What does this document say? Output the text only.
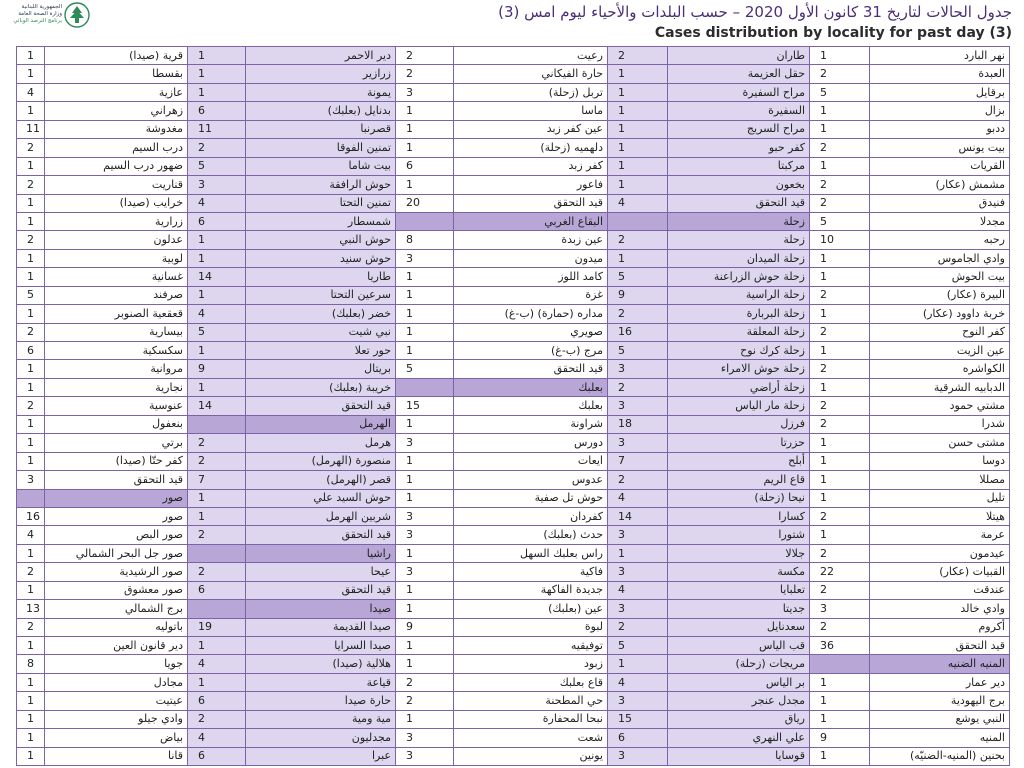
الجمهورية اللبنانية
وزارة الصحة العامة
برنامج الترصد الوبائي	جدول الحالات لتاريخ 31 كانون الأول 2020 – حسب البلدات والأحياء ليوم امس (3)
Cases distribution by locality for past day (3)
نهر البارد	1	طاران	2	رعيت	2	دير الاحمر	1	قرية (صيدا)	1
العبدة	2	حقل العزيمة	1	حارة الفيكاني	2	زرازير	1	بقسطا	1
برقايل	5	مراح السفيرة	1	تربل (زحلة)	3	يمونة	1	عازية	4
بزال	1	السفيرة	1	ماسا	1	بدنايل (بعلبك)	6	زهراني	1
ددبو	1	مراح السريج	1	عين كفر زبد	1	قصرنبا	11	مغدوشة	11
بيت يونس	2	كفر حبو	1	دلهميه (زحلة)	1	تمنين الفوقا	2	درب السيم	2
القريات	1	مركبتا	1	كفر زبد	6	بيت شاما	5	ضهور درب السيم	1
مشمش (عكار)	2	بخعون	1	فاعور	1	حوش الرافقة	3	قناريت	2
فنيدق	2	قيد التحقق	4	قيد التحقق	20	تمنين التحتا	4	خرايب (صيدا)	1
مجدلا	5	زحلة		البقاع الغربي		شمسطار	6	زرارية	1
رحبه	10	زحلة	2	عين زبدة	8	حوش النبي	1	عدلون	2
وادي الجاموس	1	زحلة الميدان	1	ميدون	3	حوش سنيد	1	لوبية	1
بيت الحوش	1	زحلة حوش الزراعنة	5	كامد اللوز	1	طاريا	14	غسانية	1
البيرة (عكار)	2	زحلة الراسية	9	غزة	1	سرعين التحتا	1	صرفند	5
خربة داوود (عكار)	1	زحلة البربارة	2	مداره (حمارة) (ب-غ)	1	خضر (بعلبك)	4	قعقعية الصنوبر	1
كفر النوح	2	زحلة المعلقة	16	صويري	1	نبي شيت	5	بيسارية	2
عين الزيت	1	زحلة كرك نوح	5	مرج (ب-غ)	1	حور تعلا	1	سكسكية	6
الكواشره	2	زحلة حوش الامراء	3	قيد التحقق	5	بريتال	9	مروانية	1
الدبابيه الشرقية	1	زحلة أراضي	2	بعلبك		خريبة (بعلبك)	1	نجارية	1
مشتي حمود	2	زحلة مار الياس	3	بعلبك	15	قيد التحقق	14	عنوسية	2
شدرا	2	فرزل	18	شراونة	1	الهرمل		بنعفول	1
مشتى حسن	1	حزرتا	3	دورس	3	هرمل	2	برتي	1
دوسا	1	أبلح	7	ايعات	1	منصورة (الهرمل)	2	كفر حتّا (صيدا)	1
مصللا	1	قاع الريم	2	عدوس	1	قصر (الهرمل)	7	قيد التحقق	3
تليل	1	نيحا (زحلة)	4	حوش تل صفية	1	حوش السيد علي	1	صور	
هيتلا	2	كسارا	14	كفردان	3	شربين الهرمل	1	صور	16
عرمة	1	شتورا	3	حدث (بعلبك)	3	قيد التحقق	2	صور البص	4
عيدمون	2	جلالا	1	راس بعلبك السهل	1	راشيا		صور جل البحر الشمالي	1
القبيات (عكار)	22	مكسة	3	فاكية	3	عيحا	2	صور الرشيدية	2
عندقت	2	تعلبايا	4	جديدة الفاكهة	1	قيد التحقق	6	صور معشوق	1
وادي خالد	3	جديتا	3	عين (بعلبك)	1	صيدا		برج الشمالي	13
أكروم	2	سعدنايل	2	لبوة	9	صيدا القديمة	19	باتوليه	2
قيد التحقق	36	قب الياس	5	توفيقيه	1	صيدا السرايا	1	دير قانون العين	1
المنيه الضنيه		مريجات (زحلة)	1	زبود	1	هلالية (صيدا)	4	جويا	8
دير عمار	1	بر الياس	4	قاع بعلبك	2	قياعة	1	مجادل	1
برج اليهودية	1	مجدل عنجر	3	حي المطحنة	2	حارة صيدا	6	عيتيت	1
النبي يوشع	1	رياق	15	نبحا المحفارة	1	مية ومية	2	وادي جيلو	1
المنيه	9	علي النهري	6	شعت	3	مجدليون	4	بياض	1
بحنين (المنيه-الضنيّه)	1	قوسايا	3	يونين	3	عبرا	6	قانا	1
